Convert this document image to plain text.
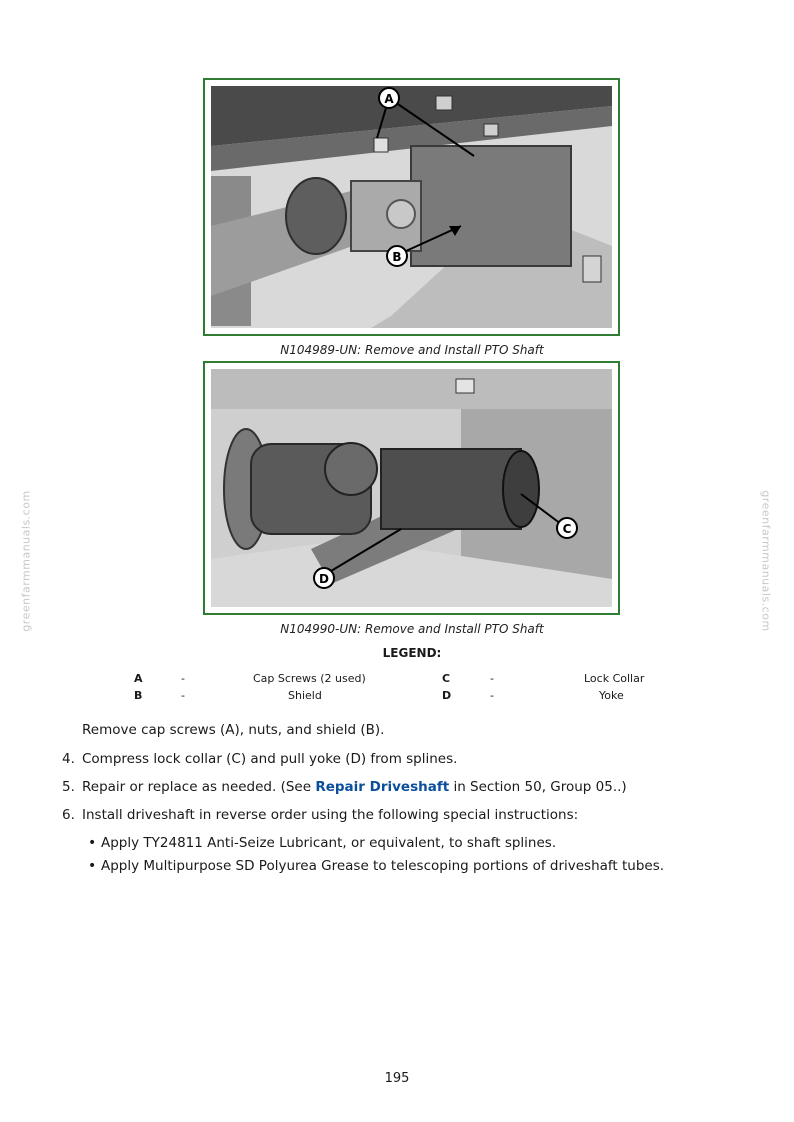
greenfarmmanuals.com	greenfarmmanuals.com
A
B
N104989-UN: Remove and Install PTO Shaft
C
D
N104990-UN: Remove and Install PTO Shaft
LEGEND:
A	-	Cap Screws (2 used)	C	-	Lock Collar
B	-	Shield	D	-	Yoke
Remove cap screws (A), nuts, and shield (B).
4. Compress lock collar (C) and pull yoke (D) from splines.
5. Repair or replace as needed. (See Repair Driveshaft in Section 50, Group 05..)
6. Install driveshaft in reverse order using the following special instructions:
• Apply TY24811 Anti-Seize Lubricant, or equivalent, to shaft splines.
• Apply Multipurpose SD Polyurea Grease to telescoping portions of driveshaft tubes.
195
